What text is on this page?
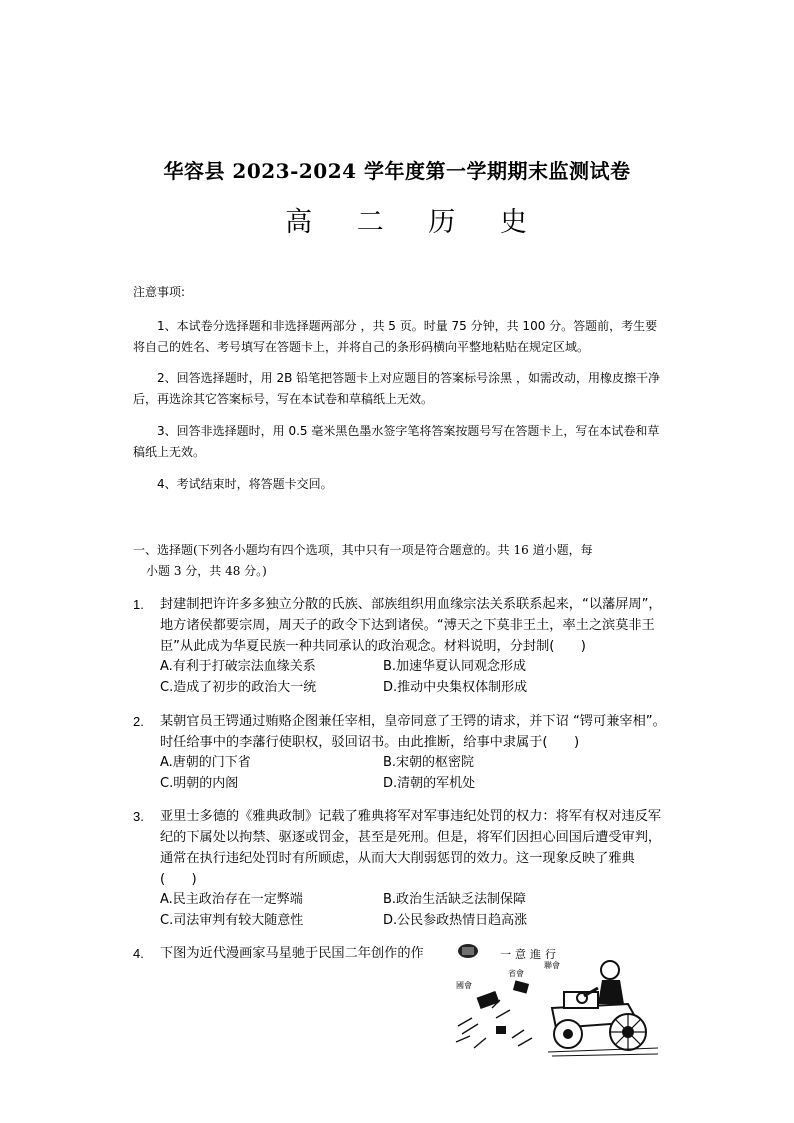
华容县 2023-2024 学年度第一学期期末监测试卷
高 二 历 史
注意事项:
1、本试卷分选择题和非选择题两部分 ，共 5 页。时量 75 分钟，共 100 分。答题前，考生要将自己的姓名、考号填写在答题卡上，并将自己的条形码横向平整地粘贴在规定区域。
2、回答选择题时，用 2B 铅笔把答题卡上对应题目的答案标号涂黑 ，如需改动，用橡皮擦干净后，再选涂其它答案标号，写在本试卷和草稿纸上无效。
3、回答非选择题时，用 0.5 毫米黑色墨水签字笔将答案按题号写在答题卡上，写在本试卷和草稿纸上无效。
4、考试结束时，将答题卡交回。
一、选择题(下列各小题均有四个选项，其中只有一项是符合题意的。共 16 道小题，每
小题 3 分，共 48 分。)
1. 封建制把许许多多独立分散的氏族、部族组织用血缘宗法关系联系起来，“以藩屏周”，地方诸侯都要宗周，周天子的政令下达到诸侯。“溥天之下莫非王土，率土之滨莫非王臣”从此成为华夏民族一种共同承认的政治观念。材料说明，分封制(　　)
A.有利于打破宗法血缘关系	B.加速华夏认同观念形成
C.造成了初步的政治大一统	D.推动中央集权体制形成
2. 某朝官员王锷通过贿赂企图兼任宰相，皇帝同意了王锷的请求，并下诏 “锷可兼宰相”。时任给事中的李藩行使职权，驳回诏书。由此推断，给事中隶属于(　　)
A.唐朝的门下省	B.宋朝的枢密院
C.明朝的内阁	D.清朝的军机处
3. 亚里士多德的《雅典政制》记载了雅典将军对军事违纪处罚的权力：将军有权对违反军纪的下属处以拘禁、驱逐或罚金，甚至是死刑。但是，将军们因担心回国后遭受审判，通常在执行违纪处罚时有所顾虑，从而大大削弱惩罚的效力。这一现象反映了雅典(　　)
A.民主政治存在一定弊端	B.政治生活缺乏法制保障
C.司法审判有较大随意性	D.公民参政热情日趋高涨
4. 下图为近代漫画家马星驰于民国二年创作的作	一意進行
國會
省會
聯會
